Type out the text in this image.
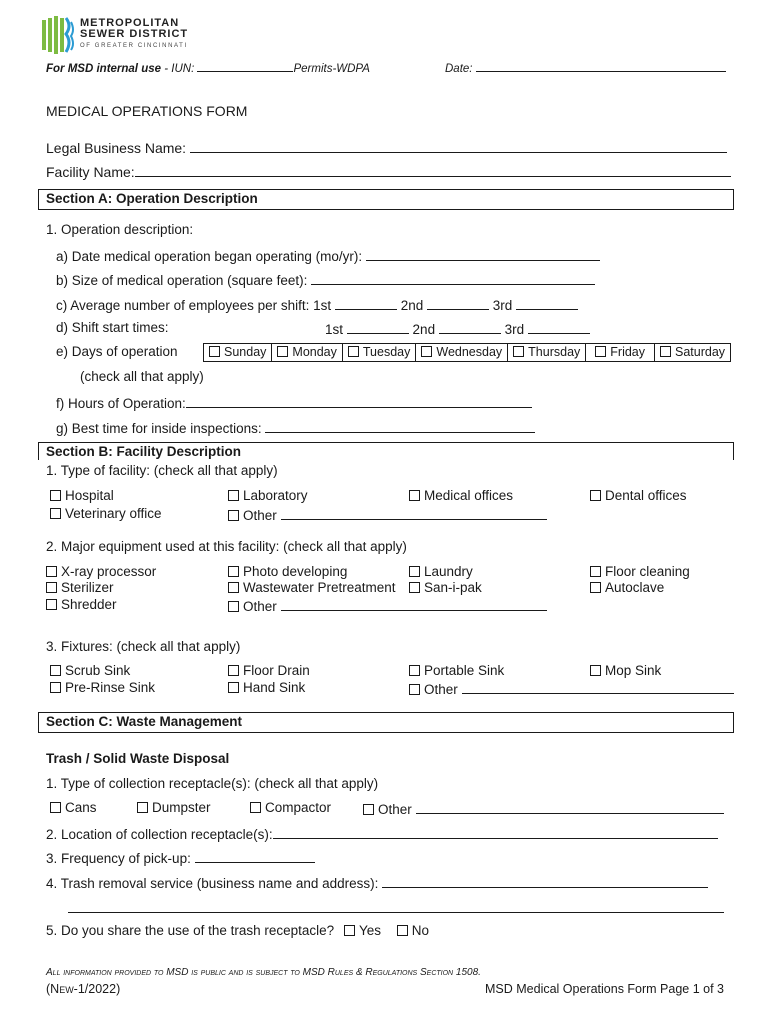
METROPOLITAN
SEWER DISTRICT
OF GREATER CINCINNATI
For MSD internal use - IUN:	Permits-WDPA	Date:
MEDICAL OPERATIONS FORM
Legal Business Name:
Facility Name:
Section A: Operation Description
1. Operation description:
a) Date medical operation began operating (mo/yr):
b) Size of medical operation (square feet):
c) Average number of employees per shift: 1st	2nd	3rd
d) Shift start times:	1st	2nd	3rd
e) Days of operation	Sunday	Monday	Tuesday	Wednesday	Thursday	Friday	Saturday
(check all that apply)
f) Hours of Operation:
g) Best time for inside inspections:
Section B: Facility Description
1. Type of facility: (check all that apply)
Hospital	Laboratory	Medical offices	Dental offices
Veterinary office	Other
2. Major equipment used at this facility: (check all that apply)
X-ray processor	Photo developing	Laundry	Floor cleaning
Sterilizer	Wastewater Pretreatment	San-i-pak	Autoclave
Shredder	Other
3. Fixtures: (check all that apply)
Scrub Sink	Floor Drain	Portable Sink	Mop Sink
Pre-Rinse Sink	Hand Sink	Other
Section C: Waste Management
Trash / Solid Waste Disposal
1. Type of collection receptacle(s): (check all that apply)
Cans	Dumpster	Compactor	Other
2. Location of collection receptacle(s):
3. Frequency of pick-up:
4. Trash removal service (business name and address):
5. Do you share the use of the trash receptacle? Yes No
All information provided to MSD is public and is subject to MSD Rules & Regulations Section 1508.
(New-1/2022)	MSD Medical Operations Form Page 1 of 3
